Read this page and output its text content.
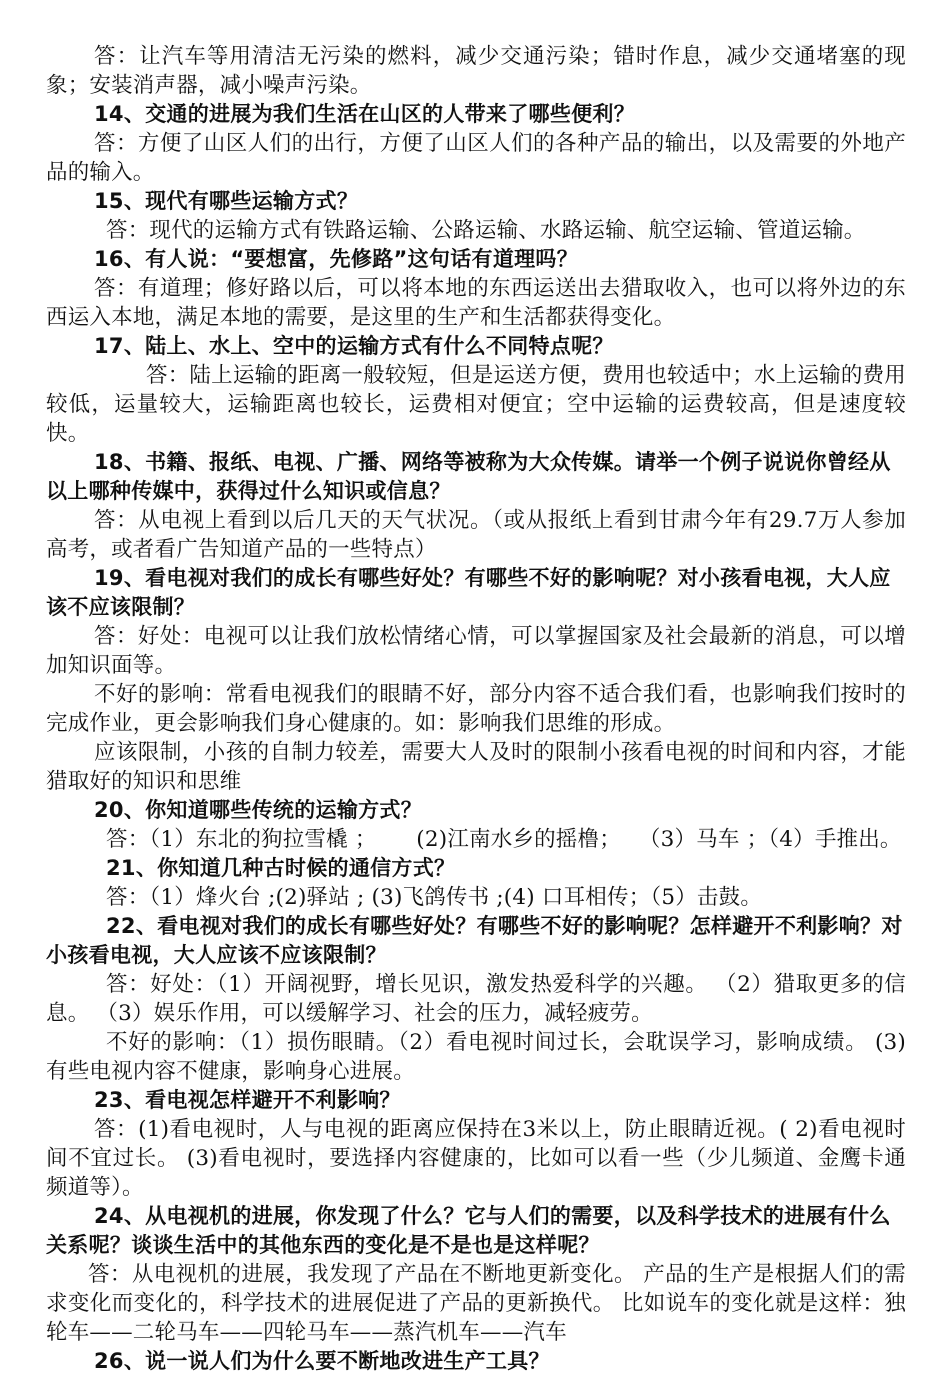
答：让汽车等用清洁无污染的燃料，减少交通污染；错时作息，减少交通堵塞的现象；安装消声器，减小噪声污染。

14、交通的进展为我们生活在山区的人带来了哪些便利？

答：方便了山区人们的出行，方便了山区人们的各种产品的输出，以及需要的外地产品的输入。

15、现代有哪些运输方式？

答：现代的运输方式有铁路运输、公路运输、水路运输、航空运输、管道运输。

16、有人说：“要想富，先修路”这句话有道理吗？

答：有道理；修好路以后，可以将本地的东西运送出去猎取收入，也可以将外边的东西运入本地，满足本地的需要，是这里的生产和生活都获得变化。

17、陆上、水上、空中的运输方式有什么不同特点呢？

答：陆上运输的距离一般较短，但是运送方便，费用也较适中；水上运输的费用较低，运量较大，运输距离也较长，运费相对便宜；空中运输的运费较高，但是速度较快。

18、书籍、报纸、电视、广播、网络等被称为大众传媒。请举一个例子说说你曾经从以上哪种传媒中，获得过什么知识或信息？

答：从电视上看到以后几天的天气状况。（或从报纸上看到甘肃今年有29.7万人参加高考，或者看广告知道产品的一些特点）

19、看电视对我们的成长有哪些好处？有哪些不好的影响呢？对小孩看电视，大人应该不应该限制？

答：好处：电视可以让我们放松情绪心情，可以掌握国家及社会最新的消息，可以增加知识面等。

不好的影响：常看电视我们的眼睛不好，部分内容不适合我们看，也影响我们按时的完成作业，更会影响我们身心健康的。如：影响我们思维的形成。

应该限制，小孩的自制力较差，需要大人及时的限制小孩看电视的时间和内容，才能猎取好的知识和思维

20、你知道哪些传统的运输方式？

答：（1）东北的狗拉雪橇 ；　　 (2)江南水乡的摇橹；　 （3）马车 ；（4）手推出。

21、你知道几种古时候的通信方式？

答：（1）烽火台 ;(2)驿站 ; (3)飞鸽传书 ;(4) 口耳相传；（5）击鼓。

22、看电视对我们的成长有哪些好处？有哪些不好的影响呢？怎样避开不利影响？对小孩看电视，大人应该不应该限制？

答：好处：（1）开阔视野，增长见识，激发热爱科学的兴趣。 （2）猎取更多的信息。 （3）娱乐作用，可以缓解学习、社会的压力，减轻疲劳。

不好的影响：（1）损伤眼睛。（2）看电视时间过长，会耽误学习，影响成绩。 (3)有些电视内容不健康，影响身心进展。

23、看电视怎样避开不利影响？

答：(1)看电视时，人与电视的距离应保持在3米以上，防止眼睛近视。( 2)看电视时间不宜过长。 (3)看电视时，要选择内容健康的，比如可以看一些（少儿频道、金鹰卡通频道等）。

24、从电视机的进展，你发现了什么？它与人们的需要，以及科学技术的进展有什么关系呢？谈谈生活中的其他东西的变化是不是也是这样呢？

答：从电视机的进展，我发现了产品在不断地更新变化。 产品的生产是根据人们的需求变化而变化的，科学技术的进展促进了产品的更新换代。 比如说车的变化就是这样：独轮车——二轮马车——四轮马车——蒸汽机车——汽车

26、说一说人们为什么要不断地改进生产工具？
